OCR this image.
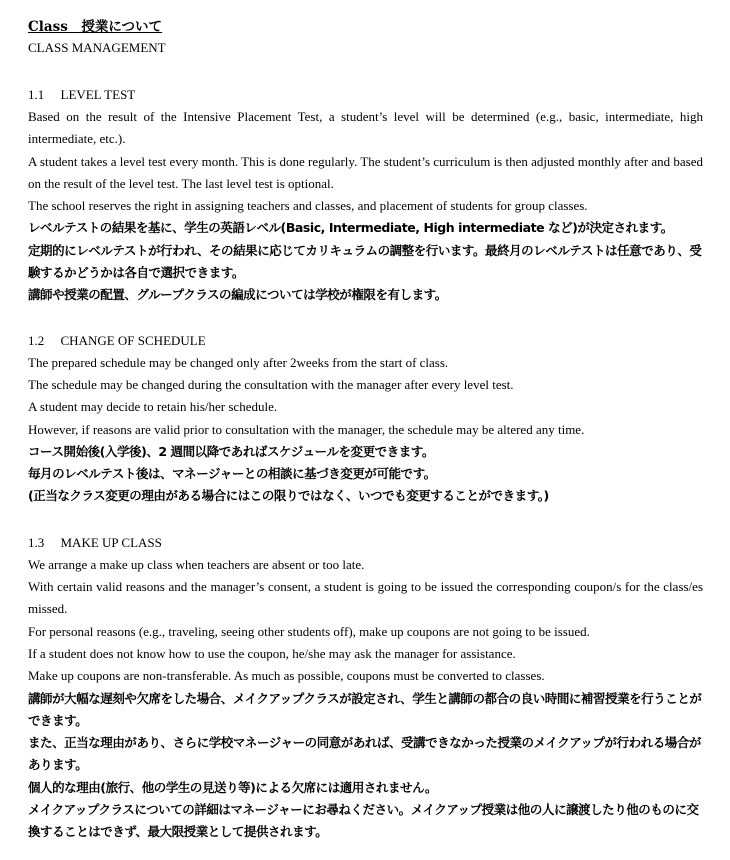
Class　授業について
CLASS MANAGEMENT
1.1　 LEVEL TEST
Based on the result of the Intensive Placement Test, a student’s level will be determined (e.g., basic, intermediate, high intermediate, etc.).
A student takes a level test every month. This is done regularly. The student’s curriculum is then adjusted monthly after and based on the result of the level test. The last level test is optional.
The school reserves the right in assigning teachers and classes, and placement of students for group classes.
レベルテストの結果を基に、学生の英語レベル(Basic, Intermediate, High intermediate など)が決定されます。
定期的にレベルテストが行われ、その結果に応じてカリキュラムの調整を行います。最終月のレベルテストは任意であり、受験するかどうかは各自で選択できます。
講師や授業の配置、グループクラスの編成については学校が権限を有します。
1.2　 CHANGE OF SCHEDULE
The prepared schedule may be changed only after 2weeks from the start of class.
The schedule may be changed during the consultation with the manager after every level test.
A student may decide to retain his/her schedule.
However, if reasons are valid prior to consultation with the manager, the schedule may be altered any time.
コース開始後(入学後)、2 週間以降であればスケジュールを変更できます。
毎月のレベルテスト後は、マネージャーとの相談に基づき変更が可能です。
(正当なクラス変更の理由がある場合にはこの限りではなく、いつでも変更することができます。)
1.3　 MAKE UP CLASS
We arrange a make up class when teachers are absent or too late.
With certain valid reasons and the manager’s consent, a student is going to be issued the corresponding coupon/s for the class/es missed.
For personal reasons (e.g., traveling, seeing other students off), make up coupons are not going to be issued.
If a student does not know how to use the coupon, he/she may ask the manager for assistance.
Make up coupons are non-transferable. As much as possible, coupons must be converted to classes.
講師が大幅な遅刻や欠席をした場合、メイクアップクラスが設定され、学生と講師の都合の良い時間に補習授業を行うことができます。
また、正当な理由があり、さらに学校マネージャーの同意があれば、受講できなかった授業のメイクアップが行われる場合があります。
個人的な理由(旅行、他の学生の見送り等)による欠席には適用されません。
メイクアップクラスについての詳細はマネージャーにお尋ねください。メイクアップ授業は他の人に譲渡したり他のものに交換することはできず、最大限授業として提供されます。
